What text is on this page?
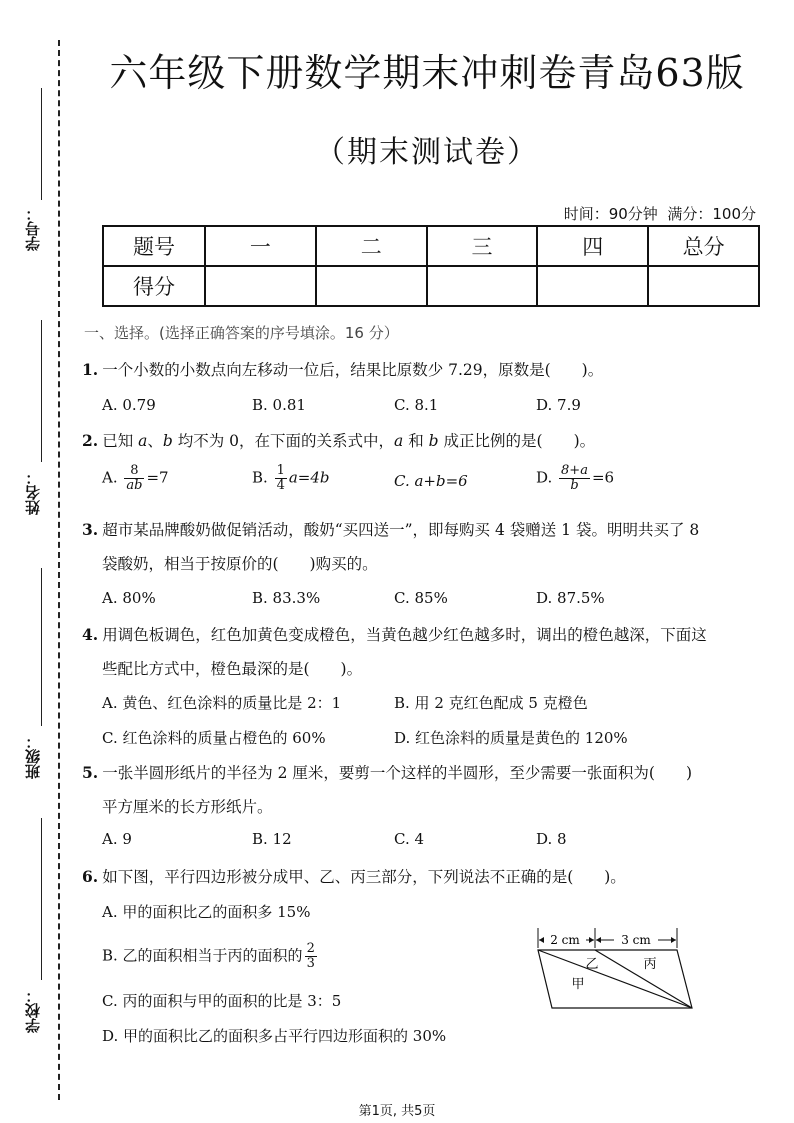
学号：
姓名：
班级：
学校：
六年级下册数学期末冲刺卷青岛63版
（期末测试卷）
时间：90分钟 满分：100分
题号	一	二	三	四	总分
得分					
一、选择。(选择正确答案的序号填涂。16 分）
1. 一个小数的小数点向左移动一位后，结果比原数少 7.29，原数是(　　)。
A. 0.79	B. 0.81	C. 8.1	D. 7.9
2. 已知 a、b 均不为 0，在下面的关系式中，a 和 b 成正比例的是(　　)。
A. $\frac{8}{ab} =7$	B. $\frac{1}{4} a=4b$	C. a+b=6	D. $\frac{8+a}{b} =6$
3. 超市某品牌酸奶做促销活动，酸奶“买四送一”，即每购买 4 袋赠送 1 袋。明明共买了 8
袋酸奶，相当于按原价的(　　)购买的。
A. 80%	B. 83.3%	C. 85%	D. 87.5%
4. 用调色板调色，红色加黄色变成橙色，当黄色越少红色越多时，调出的橙色越深，下面这
些配比方式中，橙色最深的是(　　)。
A. 黄色、红色涂料的质量比是 2：1	B. 用 2 克红色配成 5 克橙色
C. 红色涂料的质量占橙色的 60%	D. 红色涂料的质量是黄色的 120%
5. 一张半圆形纸片的半径为 2 厘米，要剪一个这样的半圆形，至少需要一张面积为(　　)
平方厘米的长方形纸片。
A. 9	B. 12	C. 4	D. 8
6. 如下图，平行四边形被分成甲、乙、丙三部分，下列说法不正确的是(　　)。
A. 甲的面积比乙的面积多 15%
B. 乙的面积相当于丙的面积的 $\frac{2}{3}$
C. 丙的面积与甲的面积的比是 3：5
D. 甲的面积比乙的面积多占平行四边形面积的 30%
2 cm	3 cm
乙	丙
甲
第1页, 共5页
